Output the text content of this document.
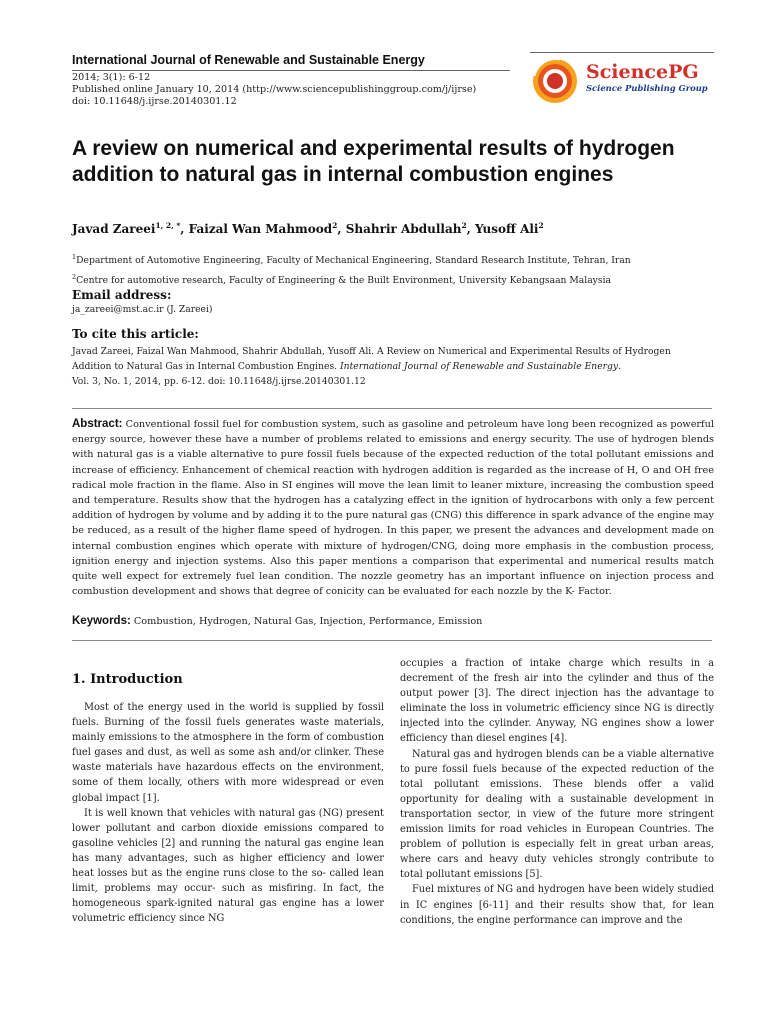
International Journal of Renewable and Sustainable Energy
2014; 3(1): 6-12
Published online January 10, 2014 (http://www.sciencepublishinggroup.com/j/ijrse)
doi: 10.11648/j.ijrse.20140301.12
SciencePG
Science Publishing Group
A review on numerical and experimental results of hydrogen addition to natural gas in internal combustion engines
Javad Zareei$^{1, 2, *}$, Faizal Wan Mahmood$^2$, Shahrir Abdullah$^2$, Yusoff Ali$^2$
$^1$Department of Automotive Engineering, Faculty of Mechanical Engineering, Standard Research Institute, Tehran, Iran
$^2$Centre for automotive research, Faculty of Engineering & the Built Environment, University Kebangsaan Malaysia
Email address:
ja_zareei@mst.ac.ir (J. Zareei)
To cite this article:
Javad Zareei, Faizal Wan Mahmood, Shahrir Abdullah, Yusoff Ali. A Review on Numerical and Experimental Results of Hydrogen Addition to Natural Gas in Internal Combustion Engines. International Journal of Renewable and Sustainable Energy.
Vol. 3, No. 1, 2014, pp. 6-12. doi: 10.11648/j.ijrse.20140301.12
Abstract: Conventional fossil fuel for combustion system, such as gasoline and petroleum have long been recognized as powerful energy source, however these have a number of problems related to emissions and energy security. The use of hydrogen blends with natural gas is a viable alternative to pure fossil fuels because of the expected reduction of the total pollutant emissions and increase of efficiency. Enhancement of chemical reaction with hydrogen addition is regarded as the increase of H, O and OH free radical mole fraction in the flame. Also in SI engines will move the lean limit to leaner mixture, increasing the combustion speed and temperature. Results show that the hydrogen has a catalyzing effect in the ignition of hydrocarbons with only a few percent addition of hydrogen by volume and by adding it to the pure natural gas (CNG) this difference in spark advance of the engine may be reduced, as a result of the higher flame speed of hydrogen. In this paper, we present the advances and development made on internal combustion engines which operate with mixture of hydrogen/CNG, doing more emphasis in the combustion process, ignition energy and injection systems. Also this paper mentions a comparison that experimental and numerical results match quite well expect for extremely fuel lean condition. The nozzle geometry has an important influence on injection process and combustion development and shows that degree of conicity can be evaluated for each nozzle by the K- Factor.
Keywords: Combustion, Hydrogen, Natural Gas, Injection, Performance, Emission
1. Introduction

Most of the energy used in the world is supplied by fossil fuels. Burning of the fossil fuels generates waste materials, mainly emissions to the atmosphere in the form of combustion fuel gases and dust, as well as some ash and/or clinker. These waste materials have hazardous effects on the environment, some of them locally, others with more widespread or even global impact [1].

It is well known that vehicles with natural gas (NG) present lower pollutant and carbon dioxide emissions compared to gasoline vehicles [2] and running the natural gas engine lean has many advantages, such as higher efficiency and lower heat losses but as the engine runs close to the so- called lean limit, problems may occur- such as misfiring. In fact, the homogeneous spark-ignited natural gas engine has a lower volumetric efficiency since NG

occupies a fraction of intake charge which results in a decrement of the fresh air into the cylinder and thus of the output power [3]. The direct injection has the advantage to eliminate the loss in volumetric efficiency since NG is directly injected into the cylinder. Anyway, NG engines show a lower efficiency than diesel engines [4].

Natural gas and hydrogen blends can be a viable alternative to pure fossil fuels because of the expected reduction of the total pollutant emissions. These blends offer a valid opportunity for dealing with a sustainable development in transportation sector, in view of the future more stringent emission limits for road vehicles in European Countries. The problem of pollution is especially felt in great urban areas, where cars and heavy duty vehicles strongly contribute to total pollutant emissions [5].

Fuel mixtures of NG and hydrogen have been widely studied in IC engines [6-11] and their results show that, for lean conditions, the engine performance can improve and the
